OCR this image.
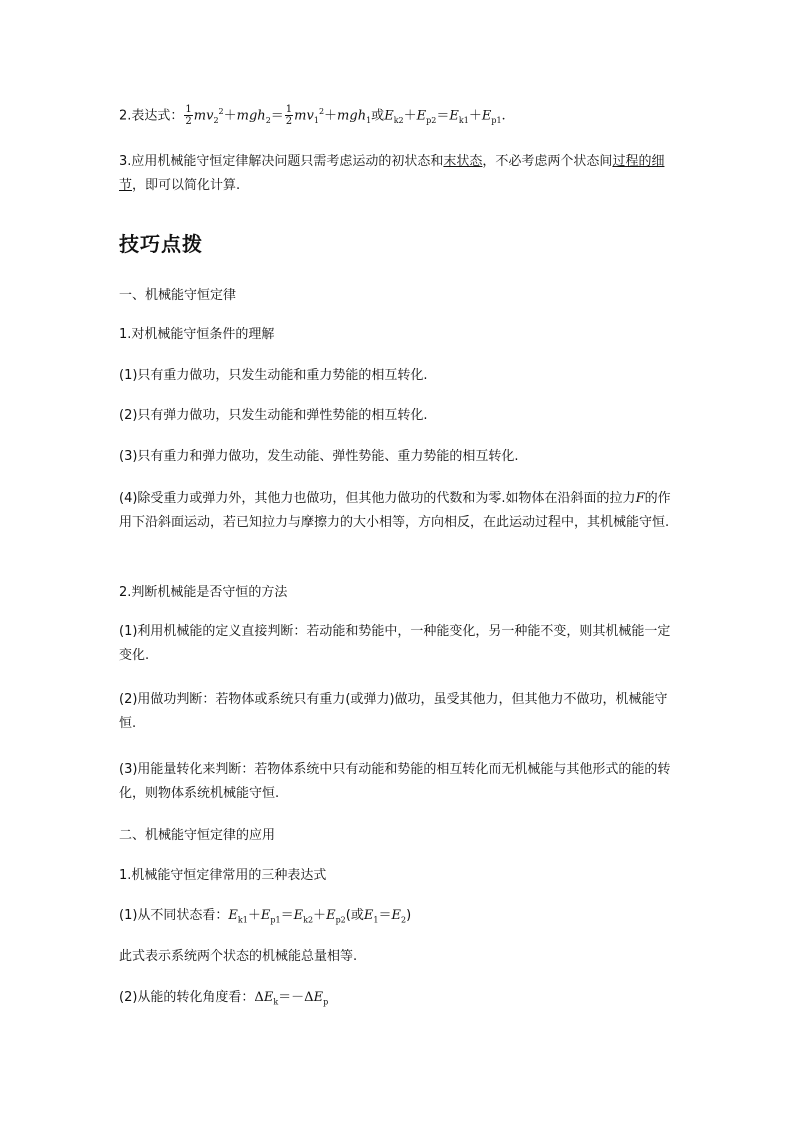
2.表达式： $\frac{1}{2} mv_2^2+mgh_2= \frac{1}{2} mv_1^2+mgh_1$或$E_{k2}+E_{p2}=E_{k1}+E_{p1}$.
3.应用机械能守恒定律解决问题只需考虑运动的初状态和末状态，不必考虑两个状态间过程的细节，即可以简化计算.
技巧点拨
一、机械能守恒定律
1.对机械能守恒条件的理解
(1)只有重力做功，只发生动能和重力势能的相互转化.
(2)只有弹力做功，只发生动能和弹性势能的相互转化.
(3)只有重力和弹力做功，发生动能、弹性势能、重力势能的相互转化.
(4)除受重力或弹力外，其他力也做功，但其他力做功的代数和为零.如物体在沿斜面的拉力F的作用下沿斜面运动，若已知拉力与摩擦力的大小相等，方向相反，在此运动过程中，其机械能守恒.
2.判断机械能是否守恒的方法
(1)利用机械能的定义直接判断：若动能和势能中，一种能变化，另一种能不变，则其机械能一定变化.
(2)用做功判断：若物体或系统只有重力(或弹力)做功，虽受其他力，但其他力不做功，机械能守恒.
(3)用能量转化来判断：若物体系统中只有动能和势能的相互转化而无机械能与其他形式的能的转化，则物体系统机械能守恒.
二、机械能守恒定律的应用
1.机械能守恒定律常用的三种表达式
(1)从不同状态看：$E_{k1}+E_{p1}=E_{k2}+E_{p2}$(或$E_1=E_2$)
此式表示系统两个状态的机械能总量相等.
(2)从能的转化角度看：$\Delta E_k=-\Delta E_p$
